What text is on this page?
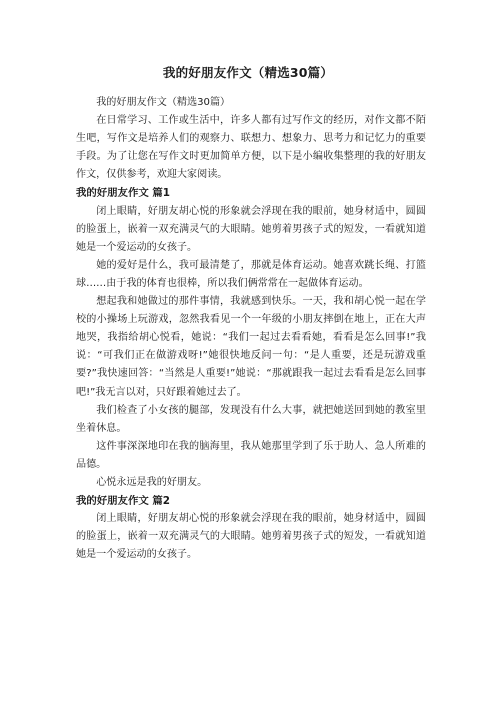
我的好朋友作文（精选30篇）

我的好朋友作文（精选30篇）

在日常学习、工作或生活中，许多人都有过写作文的经历，对作文都不陌生吧，写作文是培养人们的观察力、联想力、想象力、思考力和记忆力的重要手段。为了让您在写作文时更加简单方便，以下是小编收集整理的我的好朋友作文，仅供参考，欢迎大家阅读。

我的好朋友作文 篇1

闭上眼睛，好朋友胡心悦的形象就会浮现在我的眼前，她身材适中，圆圆的脸蛋上，嵌着一双充满灵气的大眼睛。她剪着男孩子式的短发，一看就知道她是一个爱运动的女孩子。

她的爱好是什么，我可最清楚了，那就是体育运动。她喜欢跳长绳、打篮球……由于我的体育也很棒，所以我们俩常常在一起做体育运动。

想起我和她做过的那件事情，我就感到快乐。一天，我和胡心悦一起在学校的小操场上玩游戏，忽然我看见一个一年级的小朋友摔倒在地上，正在大声地哭，我指给胡心悦看，她说：“我们一起过去看看她，看看是怎么回事!”我说：“可我们正在做游戏呀!”她很快地反问一句：“是人重要，还是玩游戏重要?”我快速回答：“当然是人重要!”她说：“那就跟我一起过去看看是怎么回事吧!”我无言以对，只好跟着她过去了。

我们检查了小女孩的腿部，发现没有什么大事，就把她送回到她的教室里坐着休息。

这件事深深地印在我的脑海里，我从她那里学到了乐于助人、急人所难的品德。

心悦永远是我的好朋友。

我的好朋友作文 篇2

闭上眼睛，好朋友胡心悦的形象就会浮现在我的眼前，她身材适中，圆圆的脸蛋上，嵌着一双充满灵气的大眼睛。她剪着男孩子式的短发，一看就知道她是一个爱运动的女孩子。
